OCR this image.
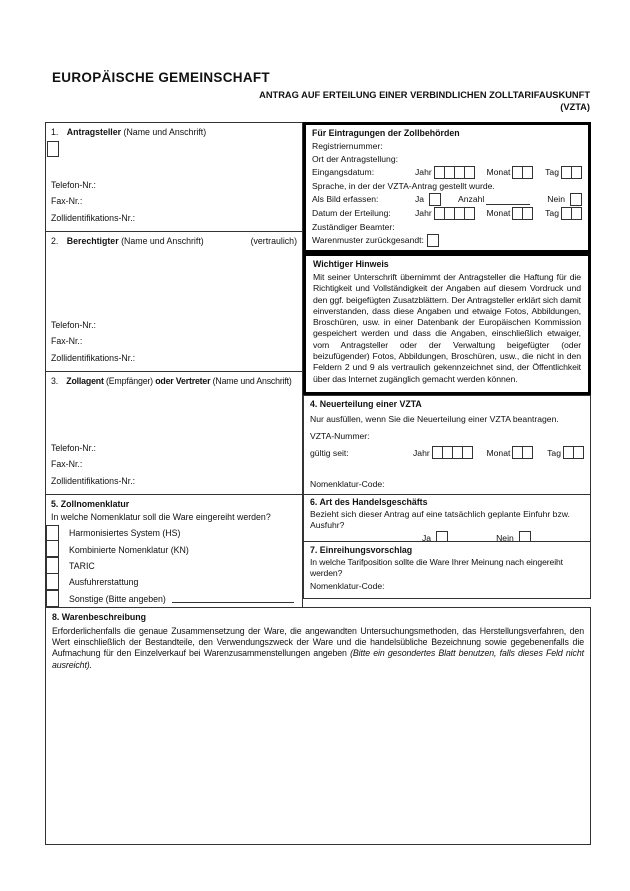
EUROPÄISCHE GEMEINSCHAFT
ANTRAG AUF ERTEILUNG EINER VERBINDLICHEN ZOLLTARIFAUSKUNFT
(VZTA)
1. Antragsteller (Name und Anschrift)
Telefon-Nr.:
Fax-Nr.:
Zollidentifikations-Nr.:
(vertraulich)
2. Berechtigter (Name und Anschrift)
Telefon-Nr.:
Fax-Nr.:
Zollidentifikations-Nr.:
3. Zollagent (Empfänger) oder Vertreter (Name und Anschrift)
Telefon-Nr.:
Fax-Nr.:
Zollidentifikations-Nr.:
5. Zollnomenklatur
In welche Nomenklatur soll die Ware eingereiht werden?
Harmonisiertes System (HS)
Kombinierte Nomenklatur (KN)
TARIC
Ausfuhrerstattung
Sonstige (Bitte angeben)
Für Eintragungen der Zollbehörden
Registriernummer:
Ort der Antragstellung:
Eingangsdatum:	Jahr	Monat	Tag
Sprache, in der der VZTA-Antrag gestellt wurde.
Als Bild erfassen:	Ja	Anzahl	Nein
Datum der Erteilung:	Jahr	Monat	Tag
Zuständiger Beamter:
Warenmuster zurückgesandt:
Wichtiger Hinweis

Mit seiner Unterschrift übernimmt der Antragsteller die Haftung für die Richtigkeit und Vollständigkeit der Angaben auf diesem Vordruck und den ggf. beigefügten Zusatzblättern. Der Antragsteller erklärt sich damit einverstanden, dass diese Angaben und etwaige Fotos, Abbildungen, Broschüren, usw. in einer Datenbank der Europäischen Kommission gespeichert werden und dass die Angaben, einschließlich etwaiger, vom Antragsteller oder der Verwaltung beigefügter (oder beizufügender) Fotos, Abbildungen, Broschüren, usw., die nicht in den Feldern 2 und 9 als vertraulich gekennzeichnet sind, der Öffentlichkeit über das Internet zugänglich gemacht werden können.

4. Neuerteilung einer VZTA
Nur ausfüllen, wenn Sie die Neuerteilung einer VZTA beantragen.
VZTA-Nummer:
gültig seit:	Jahr	Monat	Tag
Nomenklatur-Code:
6. Art des Handelsgeschäfts
Bezieht sich dieser Antrag auf eine tatsächlich geplante Einfuhr bzw. Ausfuhr?
Ja	Nein
7. Einreihungsvorschlag
In welche Tarifposition sollte die Ware Ihrer Meinung nach eingereiht werden?
Nomenklatur-Code:
8. Warenbeschreibung

Erforderlichenfalls die genaue Zusammensetzung der Ware, die angewandten Untersuchungsmethoden, das Herstellungsverfahren, den Wert einschließlich der Bestandteile, den Verwendungszweck der Ware und die handelsübliche Bezeichnung sowie gegebenenfalls die Aufmachung für den Einzelverkauf bei Warenzusammenstellungen angeben (Bitte ein gesondertes Blatt benutzen, falls dieses Feld nicht ausreicht).
